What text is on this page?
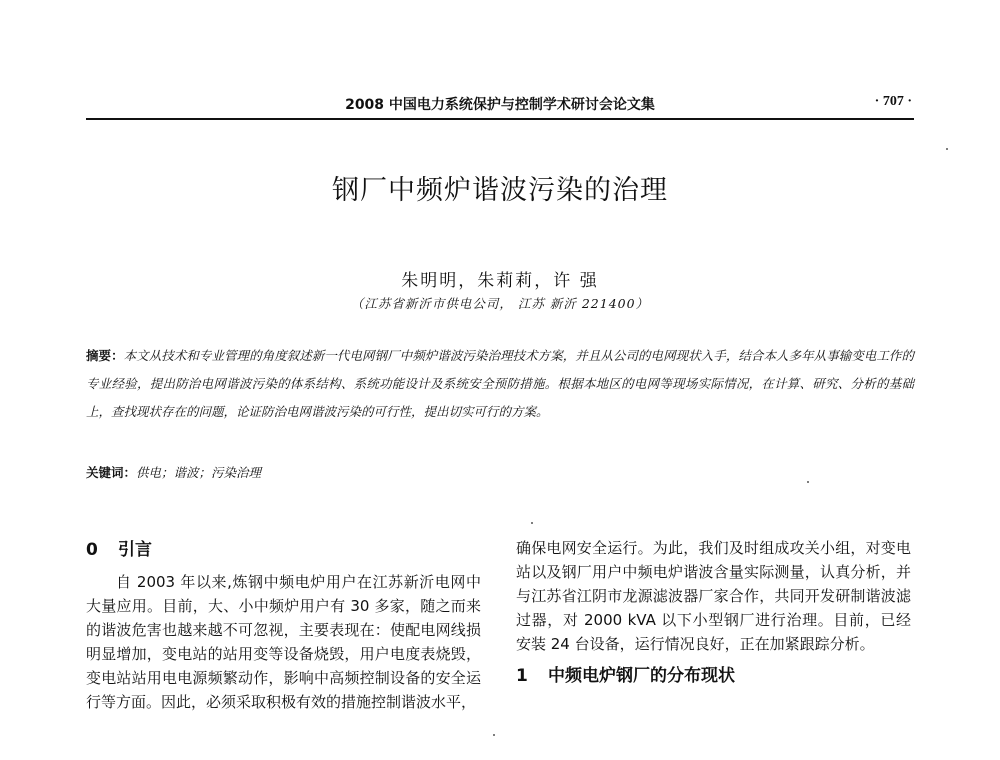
2008 中国电力系统保护与控制学术研讨会论文集	· 707 ·
钢厂中频炉谐波污染的治理
朱明明，朱莉莉，许 强
（江苏省新沂市供电公司， 江苏 新沂 221400）
摘要：本文从技术和专业管理的角度叙述新一代电网钢厂中频炉谐波污染治理技术方案，并且从公司的电网现状入手，结合本人多年从事输变电工作的专业经验，提出防治电网谐波污染的体系结构、系统功能设计及系统安全预防措施。根据本地区的电网等现场实际情况，在计算、研究、分析的基础上，查找现状存在的问题，论证防治电网谐波污染的可行性，提出切实可行的方案。
关键词：供电；谐波；污染治理
0 引言

自 2003 年以来,炼钢中频电炉用户在江苏新沂电网中大量应用。目前，大、小中频炉用户有 30 多家，随之而来的谐波危害也越来越不可忽视，主要表现在：使配电网线损明显增加，变电站的站用变等设备烧毁，用户电度表烧毁，变电站站用电电源频繁动作，影响中高频控制设备的安全运行等方面。因此，必须采取积极有效的措施控制谐波水平，

确保电网安全运行。为此，我们及时组成攻关小组，对变电站以及钢厂用户中频电炉谐波含量实际测量，认真分析，并与江苏省江阴市龙源滤波器厂家合作，共同开发研制谐波滤过器，对 2000 kVA 以下小型钢厂进行治理。目前，已经安装 24 台设备，运行情况良好，正在加紧跟踪分析。

1 中频电炉钢厂的分布现状
